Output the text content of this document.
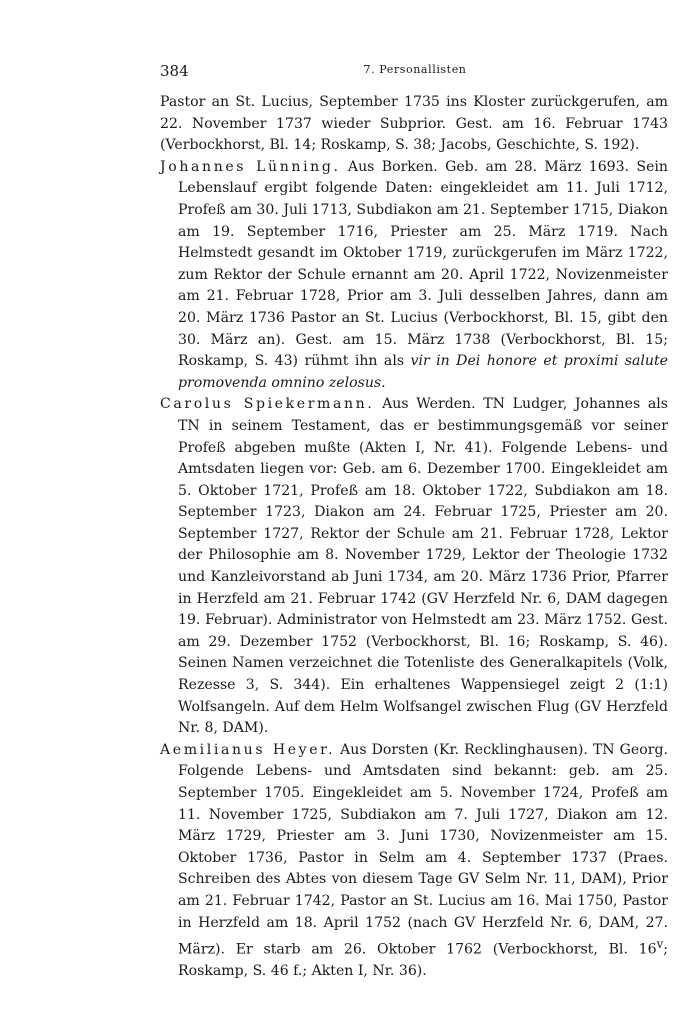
384	7. Personallisten

Pastor an St. Lucius, September 1735 ins Kloster zurückgerufen, am 22. November 1737 wieder Subprior. Gest. am 16. Februar 1743 (Verbockhorst, Bl. 14; Roskamp, S. 38; Jacobs, Geschichte, S. 192).

Johannes Lünning. Aus Borken. Geb. am 28. März 1693. Sein Lebenslauf ergibt folgende Daten: eingekleidet am 11. Juli 1712, Profeß am 30. Juli 1713, Subdiakon am 21. September 1715, Diakon am 19. September 1716, Priester am 25. März 1719. Nach Helmstedt gesandt im Oktober 1719, zurückgerufen im März 1722, zum Rektor der Schule ernannt am 20. April 1722, Novizenmeister am 21. Februar 1728, Prior am 3. Juli desselben Jahres, dann am 20. März 1736 Pastor an St. Lucius (Verbockhorst, Bl. 15, gibt den 30. März an). Gest. am 15. März 1738 (Verbockhorst, Bl. 15; Roskamp, S. 43) rühmt ihn als vir in Dei honore et proximi salute promovenda omnino zelosus.

Carolus Spiekermann. Aus Werden. TN Ludger, Johannes als TN in seinem Testament, das er bestimmungsgemäß vor seiner Profeß abgeben mußte (Akten I, Nr. 41). Folgende Lebens- und Amtsdaten liegen vor: Geb. am 6. Dezember 1700. Eingekleidet am 5. Oktober 1721, Profeß am 18. Oktober 1722, Subdiakon am 18. September 1723, Diakon am 24. Februar 1725, Priester am 20. September 1727, Rektor der Schule am 21. Februar 1728, Lektor der Philosophie am 8. November 1729, Lektor der Theologie 1732 und Kanzleivorstand ab Juni 1734, am 20. März 1736 Prior, Pfarrer in Herzfeld am 21. Februar 1742 (GV Herzfeld Nr. 6, DAM dagegen 19. Februar). Administrator von Helmstedt am 23. März 1752. Gest. am 29. Dezember 1752 (Verbockhorst, Bl. 16; Roskamp, S. 46). Seinen Namen verzeichnet die Totenliste des Generalkapitels (Volk, Rezesse 3, S. 344). Ein erhaltenes Wappensiegel zeigt 2 (1:1) Wolfsangeln. Auf dem Helm Wolfsangel zwischen Flug (GV Herzfeld Nr. 8, DAM).

Aemilianus Heyer. Aus Dorsten (Kr. Recklinghausen). TN Georg. Folgende Lebens- und Amtsdaten sind bekannt: geb. am 25. September 1705. Eingekleidet am 5. November 1724, Profeß am 11. November 1725, Subdiakon am 7. Juli 1727, Diakon am 12. März 1729, Priester am 3. Juni 1730, Novizenmeister am 15. Oktober 1736, Pastor in Selm am 4. September 1737 (Praes. Schreiben des Abtes von diesem Tage GV Selm Nr. 11, DAM), Prior am 21. Februar 1742, Pastor an St. Lucius am 16. Mai 1750, Pastor in Herzfeld am 18. April 1752 (nach GV Herzfeld Nr. 6, DAM, 27. März). Er starb am 26. Oktober 1762 (Verbockhorst, Bl. 16$^v$; Roskamp, S. 46 f.; Akten I, Nr. 36).
